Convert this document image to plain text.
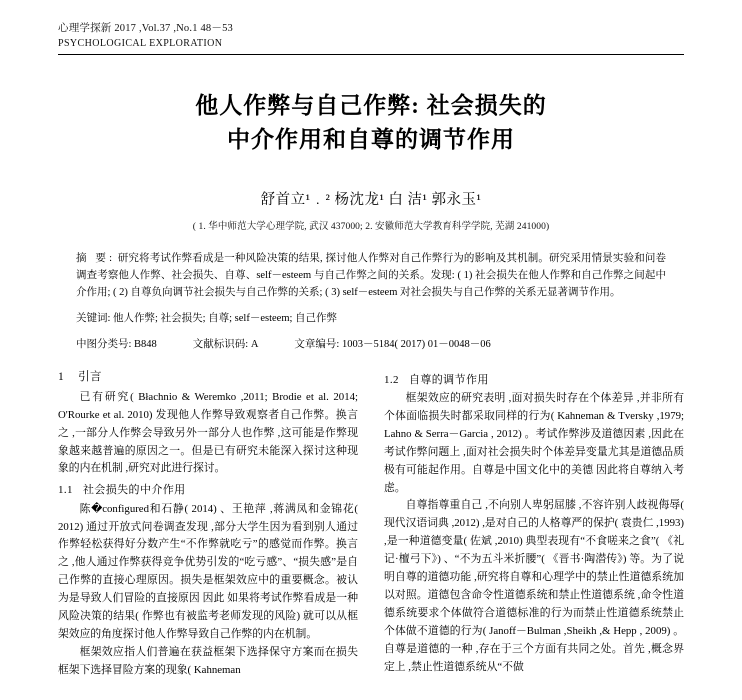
心理学探新 2017 ,Vol.37 ,No.1 48－53
PSYCHOLOGICAL EXPLORATION
他人作弊与自己作弊: 社会损失的
中介作用和自尊的调节作用
舒首立¹﹒² 杨沈龙¹ 白 洁¹ 郭永玉¹
( 1. 华中师范大学心理学院, 武汉 437000; 2. 安徽师范大学教育科学学院, 芜湖 241000)
摘 要: 研究将考试作弊看成是一种风险决策的结果, 探讨他人作弊对自己作弊行为的影响及其机制。研究采用情景实验和问卷调查考察他人作弊、社会损失、自尊、self－esteem 与自己作弊之间的关系。发现: ( 1) 社会损失在他人作弊和自己作弊之间起中介作用; ( 2) 自尊负向调节社会损失与自己作弊的关系; ( 3) self－esteem 对社会损失与自己作弊的关系无显著调节作用。
关键词: 他人作弊; 社会损失; 自尊; self－esteem; 自己作弊
中图分类号: B848	文献标识码: A	文章编号: 1003－5184( 2017) 01－0048－06
1 引言

已有研究( Błachnio & Weremko ,2011; Brodie et al. 2014; O'Rourke et al. 2010) 发现他人作弊导致观察者自己作弊。换言之 ,一部分人作弊会导致另外一部分人也作弊 ,这可能是作弊现象越来越普遍的原因之一。但是已有研究未能深入探讨这种现象的内在机制 ,研究对此进行探讨。

1.1 社会损失的中介作用

陈�configured和石静( 2014) 、王艳萍 ,蒋满凤和金锦花( 2012) 通过开放式问卷调查发现 ,部分大学生因为看到别人通过作弊轻松获得好分数产生“不作弊就吃亏”的感觉而作弊。换言之 ,他人通过作弊获得竞争优势引发的“吃亏感”、“损失感”是自己作弊的直接心理原因。损失是框架效应中的重要概念。被认为是导致人们冒险的直接原因 因此 如果将考试作弊看成是一种风险决策的结果( 作弊也有被监考老师发现的风险) 就可以从框架效应的角度探讨他人作弊导致自己作弊的内在机制。

框架效应指人们普遍在获益框架下选择保守方案而在损失框架下选择冒险方案的现象( Kahneman

1.2 自尊的调节作用

框架效应的研究表明 ,面对损失时存在个体差异 ,并非所有个体面临损失时都采取同样的行为( Kahneman & Tversky ,1979; Lahno & Serra－Garcia , 2012) 。考试作弊涉及道德因素 ,因此在考试作弊问题上 ,面对社会损失时个体差异变量尤其是道德品质极有可能起作用。自尊是中国文化中的美德 因此将自尊纳入考虑。

自尊指尊重自己 ,不向别人卑躬屈膝 ,不容许别人歧视侮辱( 现代汉语词典 ,2012) ,是对自己的人格尊严的保护( 袁贵仁 ,1993) ,是一种道德变量( 佐斌 ,2010) 典型表现有“不食嗟来之食”( 《礼记·檀弓下》) 、“不为五斗米折腰”( 《晋书·陶潜传》) 等。为了说明自尊的道德功能 ,研究将自尊和心理学中的禁止性道德系统加以对照。道德包含命令性道德系统和禁止性道德系统 ,命令性道德系统要求个体做符合道德标准的行为而禁止性道德系统禁止个体做不道德的行为( Janoff－Bulman ,Sheikh ,& Hepp , 2009) 。自尊是道德的一种 ,存在于三个方面有共同之处。首先 ,概念界定上 ,禁止性道德系统从“不做
